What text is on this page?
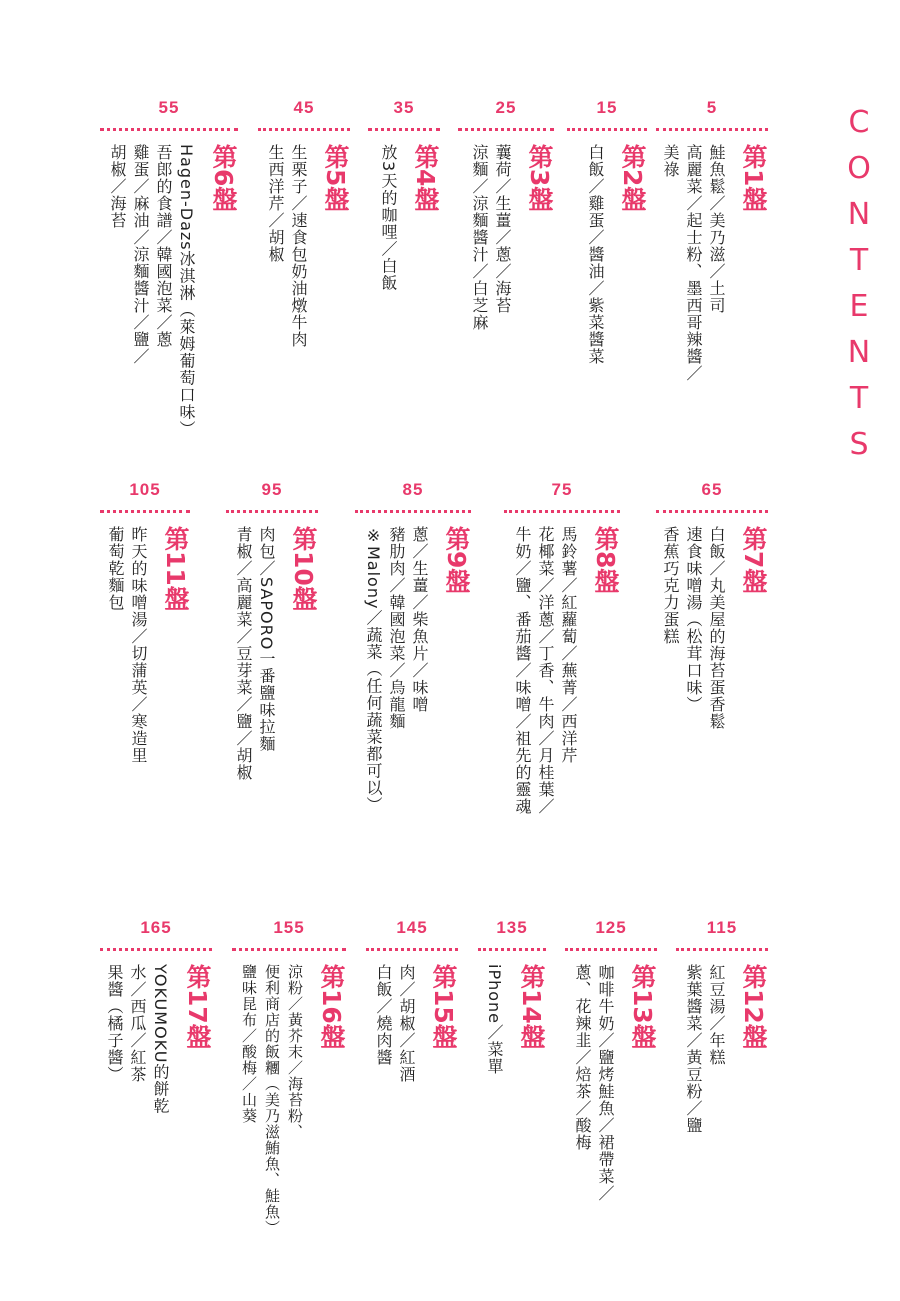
C
O
N
T
E
N
T
S
5
第1盤
鮭魚鬆／美乃滋／土司
高麗菜／起士粉、墨西哥辣醬／
美祿
15
第2盤
白飯／雞蛋／醬油／紫菜醬菜
25
第3盤
蘘荷／生薑／蔥／海苔
涼麵／涼麵醬汁／白芝麻
35
第4盤
放3天的咖哩／白飯
45
第5盤
生栗子／速食包奶油燉牛肉
生西洋芹／胡椒
55
第6盤
Hagen-Dazs冰淇淋（萊姆葡萄口味）
吾郎的食譜／韓國泡菜／蔥
雞蛋／麻油／涼麵醬汁／鹽／
胡椒／海苔
65
第7盤
白飯／丸美屋的海苔蛋香鬆
速食味噌湯（松茸口味）
香蕉巧克力蛋糕
75
第8盤
馬鈴薯／紅蘿蔔／蕪菁／西洋芹
花椰菜／洋蔥／丁香、牛肉／月桂葉／
牛奶／鹽、番茄醬／味噌／祖先的靈魂
85
第9盤
蔥／生薑／柴魚片／味噌
豬肋肉／韓國泡菜／烏龍麵
※Malony／蔬菜（任何蔬菜都可以）
95
第10盤
肉包／SAPORO一番鹽味拉麵
青椒／高麗菜／豆芽菜／鹽／胡椒
105
第11盤
昨天的味噌湯／切蒲英／寒造里
葡萄乾麵包
115
第12盤
紅豆湯／年糕
紫葉醬菜／黃豆粉／鹽
125
第13盤
咖啡牛奶／鹽烤鮭魚／裙帶菜／
蔥、花辣韭／焙茶／酸梅
135
第14盤
iPhone／菜單
145
第15盤
肉／胡椒／紅酒
白飯／燒肉醬
155
第16盤
涼粉／黃芥末／海苔粉、
便利商店的飯糰（美乃滋鮪魚、鮭魚）
鹽味昆布／酸梅／山葵
165
第17盤
YOKUMOKU的餅乾
水／西瓜／紅茶
果醬（橘子醬）
